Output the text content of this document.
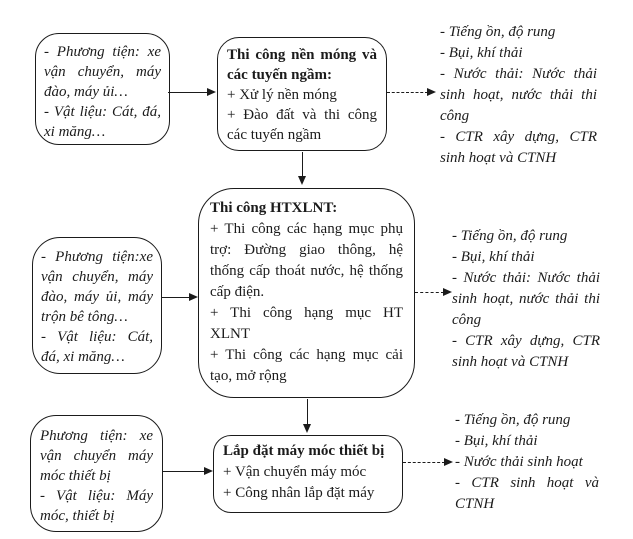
- Phương tiện: xe vận chuyển, máy đào, máy ủi…

- Vật liệu: Cát, đá, xi măng…

Thi công nền móng và các tuyến ngầm:

+ Xử lý nền móng

+ Đào đất và thi công các tuyến ngầm

- Tiếng ồn, độ rung

- Bụi, khí thải

- Nước thải: Nước thải sinh hoạt, nước thải thi công

- CTR xây dựng, CTR sinh hoạt và CTNH

- Phương tiện:xe vận chuyển, máy đào, máy ủi, máy trộn bê tông…

- Vật liệu: Cát, đá, xi măng…

Thi công HTXLNT:

+ Thi công các hạng mục phụ trợ: Đường giao thông, hệ thống cấp thoát nước, hệ thống cấp điện.

+ Thi công hạng mục HT XLNT

+ Thi công các hạng mục cải tạo, mở rộng

- Tiếng ồn, độ rung

- Bụi, khí thải

- Nước thải: Nước thải sinh hoạt, nước thải thi công

- CTR xây dựng, CTR sinh hoạt và CTNH

Phương tiện: xe vận chuyển máy móc thiết bị

- Vật liệu: Máy móc, thiết bị

Lắp đặt máy móc thiết bị

+ Vận chuyển máy móc

+ Công nhân lắp đặt máy

- Tiếng ồn, độ rung

- Bụi, khí thải

- Nước thải sinh hoạt

- CTR sinh hoạt và CTNH
